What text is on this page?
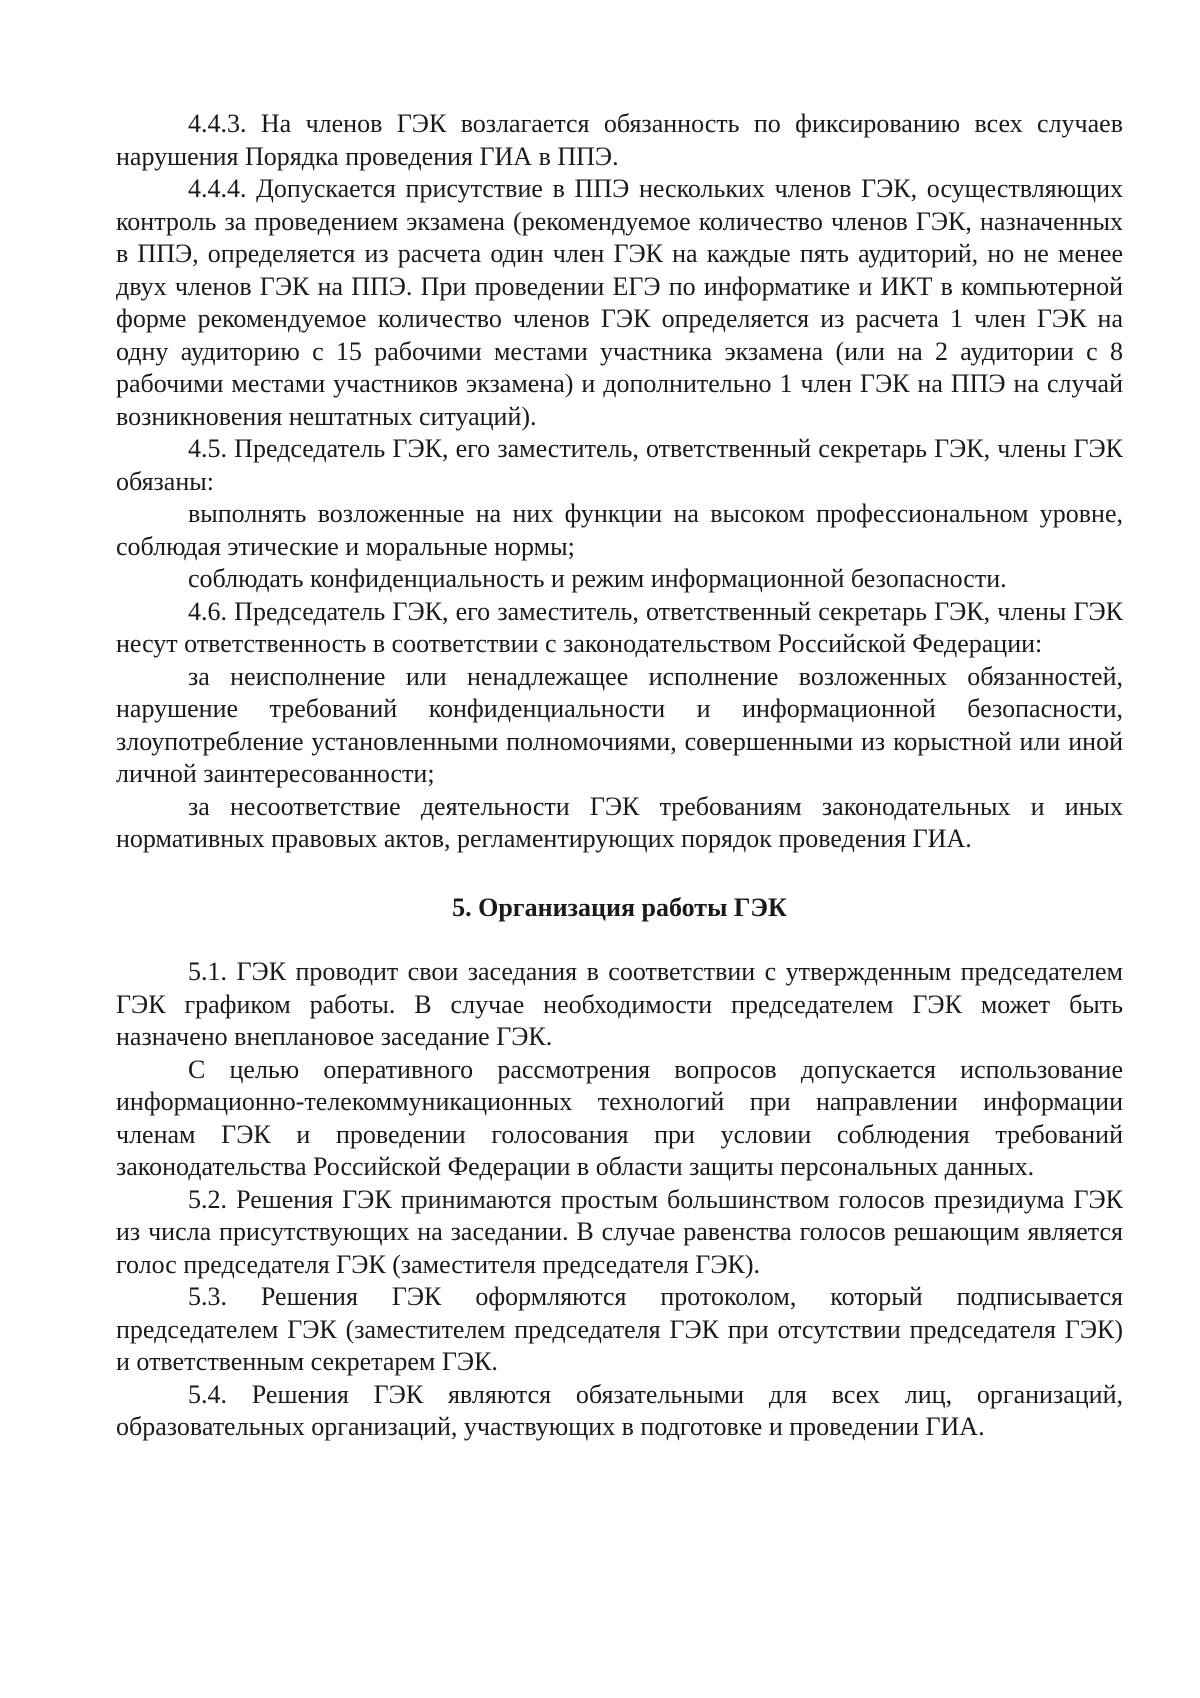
4.4.3. На членов ГЭК возлагается обязанность по фиксированию всех случаев нарушения Порядка проведения ГИА в ППЭ.

4.4.4. Допускается присутствие в ППЭ нескольких членов ГЭК, осуществляющих контроль за проведением экзамена (рекомендуемое количество членов ГЭК, назначенных в ППЭ, определяется из расчета один член ГЭК на каждые пять аудиторий, но не менее двух членов ГЭК на ППЭ. При проведении ЕГЭ по информатике и ИКТ в компьютерной форме рекомендуемое количество членов ГЭК определяется из расчета 1 член ГЭК на одну аудиторию с 15 рабочими местами участника экзамена (или на 2 аудитории с 8 рабочими местами участников экзамена) и дополнительно 1 член ГЭК на ППЭ на случай возникновения нештатных ситуаций).

4.5. Председатель ГЭК, его заместитель, ответственный секретарь ГЭК, члены ГЭК обязаны:

выполнять возложенные на них функции на высоком профессиональном уровне, соблюдая этические и моральные нормы;

соблюдать конфиденциальность и режим информационной безопасности.

4.6. Председатель ГЭК, его заместитель, ответственный секретарь ГЭК, члены ГЭК несут ответственность в соответствии с законодательством Российской Федерации:

за неисполнение или ненадлежащее исполнение возложенных обязанностей, нарушение требований конфиденциальности и информационной безопасности, злоупотребление установленными полномочиями, совершенными из корыстной или иной личной заинтересованности;

за несоответствие деятельности ГЭК требованиям законодательных и иных нормативных правовых актов, регламентирующих порядок проведения ГИА.

5. Организация работы ГЭК

5.1. ГЭК проводит свои заседания в соответствии с утвержденным председателем ГЭК графиком работы. В случае необходимости председателем ГЭК может быть назначено внеплановое заседание ГЭК.

С целью оперативного рассмотрения вопросов допускается использование информационно-телекоммуникационных технологий при направлении информации членам ГЭК и проведении голосования при условии соблюдения требований законодательства Российской Федерации в области защиты персональных данных.

5.2. Решения ГЭК принимаются простым большинством голосов президиума ГЭК из числа присутствующих на заседании. В случае равенства голосов решающим является голос председателя ГЭК (заместителя председателя ГЭК).

5.3. Решения ГЭК оформляются протоколом, который подписывается председателем ГЭК (заместителем председателя ГЭК при отсутствии председателя ГЭК) и ответственным секретарем ГЭК.

5.4. Решения ГЭК являются обязательными для всех лиц, организаций, образовательных организаций, участвующих в подготовке и проведении ГИА.
